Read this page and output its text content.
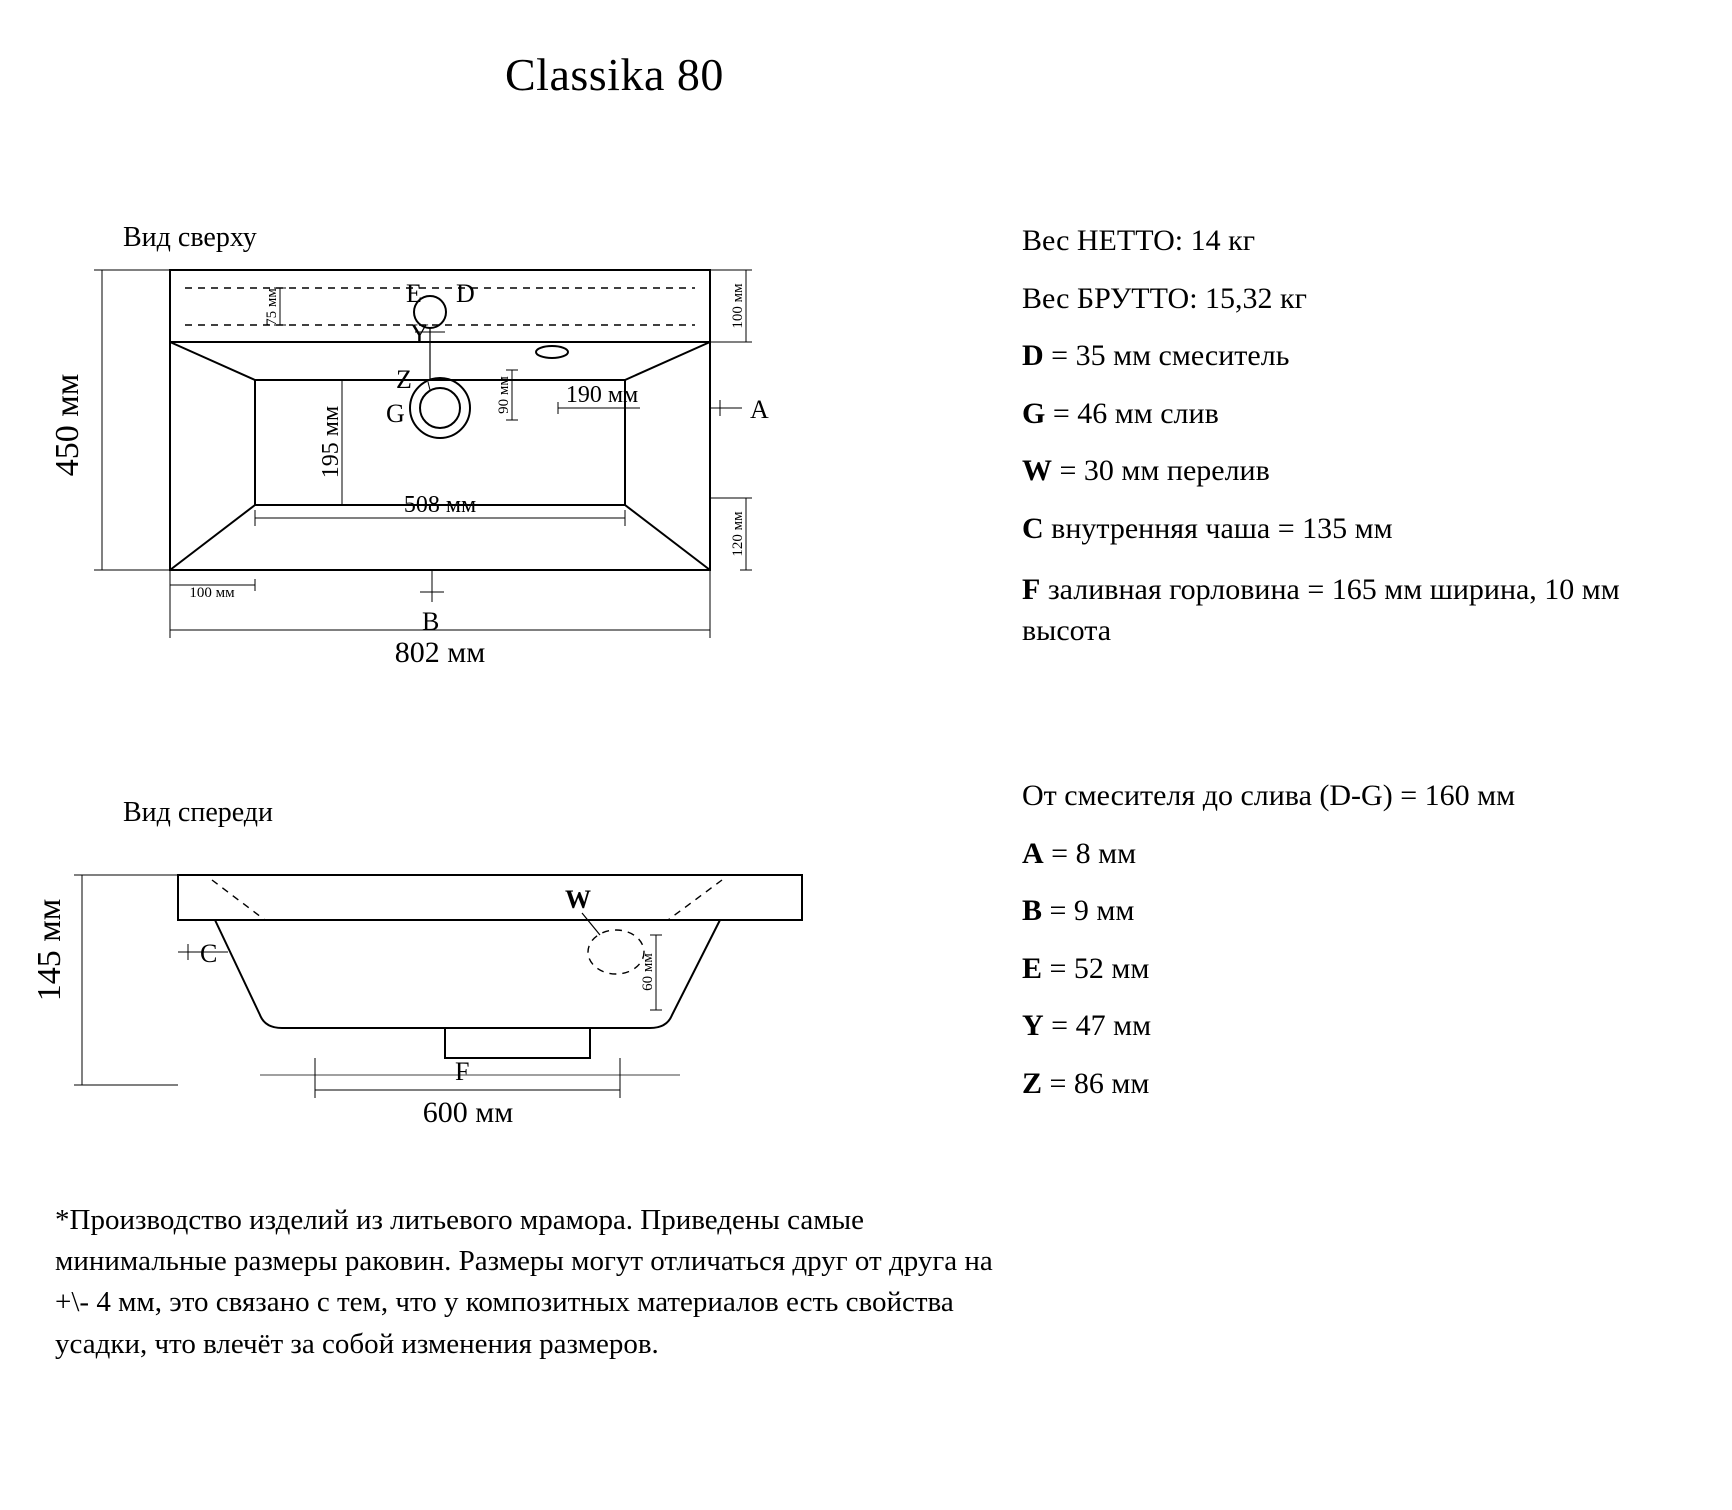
Classika 80
Вид сверху
450 мм
802 мм
508 мм
75 мм	100 мм
120 мм
100 мм
195 мм
90 мм 190 мм
E D
Y
Z
G	A
B
Вид спереди
145 мм
600 мм
60 мм
C
W
F
Вес НЕТТО: 14 кг
Вес БРУТТО: 15,32 кг
D = 35 мм смеситель
G = 46 мм слив
W = 30 мм перелив
C внутренняя чаша = 135 мм
F заливная горловина = 165 мм ширина, 10 мм высота
От смесителя до слива (D-G) = 160 мм
A = 8 мм
B = 9 мм
E = 52 мм
Y = 47 мм
Z = 86 мм
*Производство изделий из литьевого мрамора. Приведены самые минимальные размеры раковин. Размеры могут отличаться друг от друга на +\- 4 мм, это связано с тем, что у композитных материалов есть свойства усадки, что влечёт за собой изменения размеров.
